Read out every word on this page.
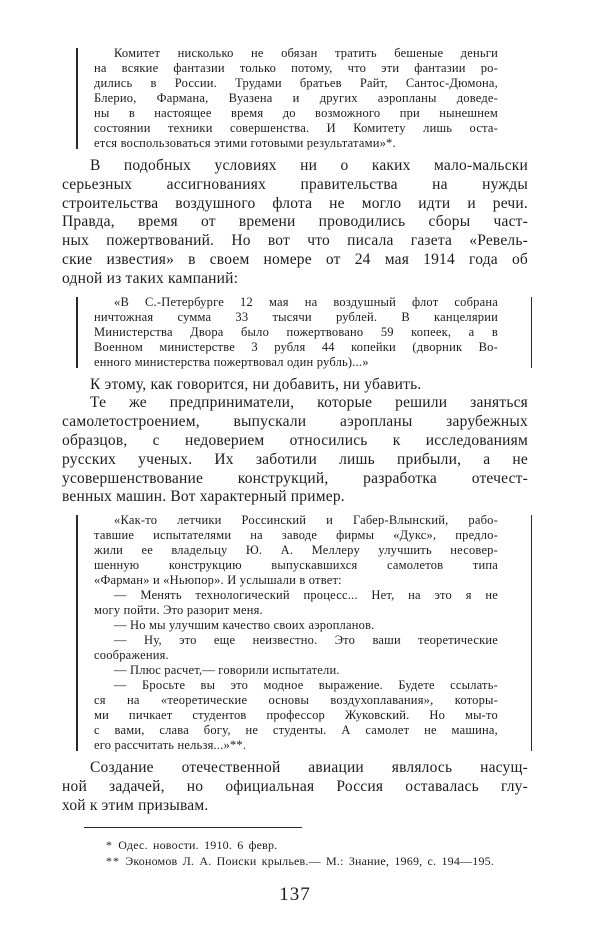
Комитет нисколько не обязан тратить бешеные деньги
на всякие фантазии только потому, что эти фантазии ро-
дились в России. Трудами братьев Райт, Сантос-Дюмона,
Блерио, Фармана, Вуазена и других аэропланы доведе-
ны в настоящее время до возможного при нынешнем
состоянии техники совершенства. И Комитету лишь оста-
ется воспользоваться этими готовыми результатами»*.
В подобных условиях ни о каких мало-мальски
серьезных ассигнованиях правительства на нужды
строительства воздушного флота не могло идти и речи.
Правда, время от времени проводились сборы част-
ных пожертвований. Но вот что писала газета «Ревель-
ские известия» в своем номере от 24 мая 1914 года об
одной из таких кампаний:
«В С.-Петербурге 12 мая на воздушный флот собрана
ничтожная сумма 33 тысячи рублей. В канцелярии
Министерства Двора было пожертвовано 59 копеек, а в
Военном министерстве 3 рубля 44 копейки (дворник Во-
енного министерства пожертвовал один рубль)...»
К этому, как говорится, ни добавить, ни убавить.
Те же предприниматели, которые решили заняться
самолетостроением, выпускали аэропланы зарубежных
образцов, с недоверием относились к исследованиям
русских ученых. Их заботили лишь прибыли, а не
усовершенствование конструкций, разработка отечест-
венных машин. Вот характерный пример.
«Как-то летчики Россинский и Габер-Влынский, рабо-
тавшие испытателями на заводе фирмы «Дукс», предло-
жили ее владельцу Ю. А. Меллеру улучшить несовер-
шенную конструкцию выпускавшихся самолетов типа
«Фарман» и «Ньюпор». И услышали в ответ:
— Менять технологический процесс... Нет, на это я не
могу пойти. Это разорит меня.
— Но мы улучшим качество своих аэропланов.
— Ну, это еще неизвестно. Это ваши теоретические
соображения.
— Плюс расчет,— говорили испытатели.
— Бросьте вы это модное выражение. Будете ссылать-
ся на «теоретические основы воздухоплавания», которы-
ми пичкает студентов профессор Жуковский. Но мы-то
с вами, слава богу, не студенты. А самолет не машина,
его рассчитать нельзя...»**.
Создание отечественной авиации являлось насущ-
ной задачей, но официальная Россия оставалась глу-
хой к этим призывам.
* Одес. новости. 1910. 6 февр.
** Экономов Л. А. Поиски крыльев.— М.: Знание, 1969, с. 194—195.
137
